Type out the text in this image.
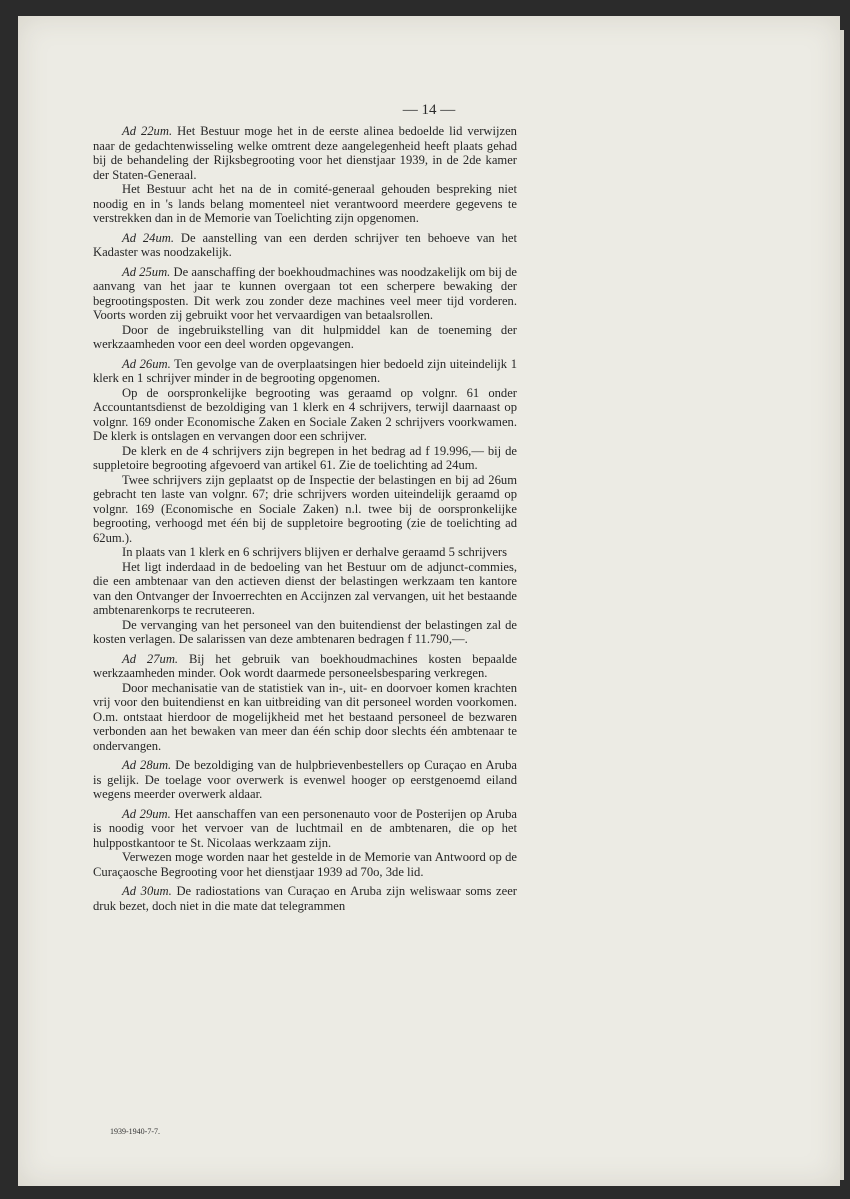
— 14 —

Ad 22um. Het Bestuur moge het in de eerste alinea bedoelde lid verwijzen naar de gedachtenwisseling welke omtrent deze aangelegenheid heeft plaats gehad bij de behandeling der Rijksbegrooting voor het dienstjaar 1939, in de 2de kamer der Staten-Generaal.

Het Bestuur acht het na de in comité-generaal gehouden bespreking niet noodig en in 's lands belang momenteel niet verantwoord meerdere gegevens te verstrekken dan in de Memorie van Toelichting zijn opgenomen.

Ad 24um. De aanstelling van een derden schrijver ten behoeve van het Kadaster was noodzakelijk.

Ad 25um. De aanschaffing der boekhoudmachines was noodzakelijk om bij de aanvang van het jaar te kunnen overgaan tot een scherpere bewaking der begrootingsposten. Dit werk zou zonder deze machines veel meer tijd vorderen. Voorts worden zij gebruikt voor het vervaardigen van betaalsrollen.

Door de ingebruikstelling van dit hulpmiddel kan de toeneming der werkzaamheden voor een deel worden opgevangen.

Ad 26um. Ten gevolge van de overplaatsingen hier bedoeld zijn uiteindelijk 1 klerk en 1 schrijver minder in de begrooting opgenomen.

Op de oorspronkelijke begrooting was geraamd op volgnr. 61 onder Accountantsdienst de bezoldiging van 1 klerk en 4 schrijvers, terwijl daarnaast op volgnr. 169 onder Economische Zaken en Sociale Zaken 2 schrijvers voorkwamen. De klerk is ontslagen en vervangen door een schrijver.

De klerk en de 4 schrijvers zijn begrepen in het bedrag ad f 19.996,— bij de suppletoire begrooting afgevoerd van artikel 61. Zie de toelichting ad 24um.

Twee schrijvers zijn geplaatst op de Inspectie der belastingen en bij ad 26um gebracht ten laste van volgnr. 67; drie schrijvers worden uiteindelijk geraamd op volgnr. 169 (Economische en Sociale Zaken) n.l. twee bij de oorspronkelijke begrooting, verhoogd met één bij de suppletoire begrooting (zie de toelichting ad 62um.).

In plaats van 1 klerk en 6 schrijvers blijven er derhalve geraamd 5 schrijvers

Het ligt inderdaad in de bedoeling van het Bestuur om de adjunct-commies, die een ambtenaar van den actieven dienst der belastingen werkzaam ten kantore van den Ontvanger der Invoerrechten en Accijnzen zal vervangen, uit het bestaande ambtenarenkorps te recruteeren.

De vervanging van het personeel van den buitendienst der belastingen zal de kosten verlagen. De salarissen van deze ambtenaren bedragen f 11.790,—.

Ad 27um. Bij het gebruik van boekhoudmachines kosten bepaalde werkzaamheden minder. Ook wordt daarmede personeelsbesparing verkregen.

Door mechanisatie van de statistiek van in-, uit- en doorvoer komen krachten vrij voor den buitendienst en kan uitbreiding van dit personeel worden voorkomen. O.m. ontstaat hierdoor de mogelijkheid met het bestaand personeel de bezwaren verbonden aan het bewaken van meer dan één schip door slechts één ambtenaar te ondervangen.

Ad 28um. De bezoldiging van de hulpbrievenbestellers op Curaçao en Aruba is gelijk. De toelage voor overwerk is evenwel hooger op eerstgenoemd eiland wegens meerder overwerk aldaar.

Ad 29um. Het aanschaffen van een personenauto voor de Posterijen op Aruba is noodig voor het vervoer van de luchtmail en de ambtenaren, die op het hulppostkantoor te St. Nicolaas werkzaam zijn.

Verwezen moge worden naar het gestelde in de Memorie van Antwoord op de Curaçaosche Begrooting voor het dienstjaar 1939 ad 70o, 3de lid.

Ad 30um. De radiostations van Curaçao en Aruba zijn weliswaar soms zeer druk bezet, doch niet in die mate dat telegrammen

1939-1940-7-7.
